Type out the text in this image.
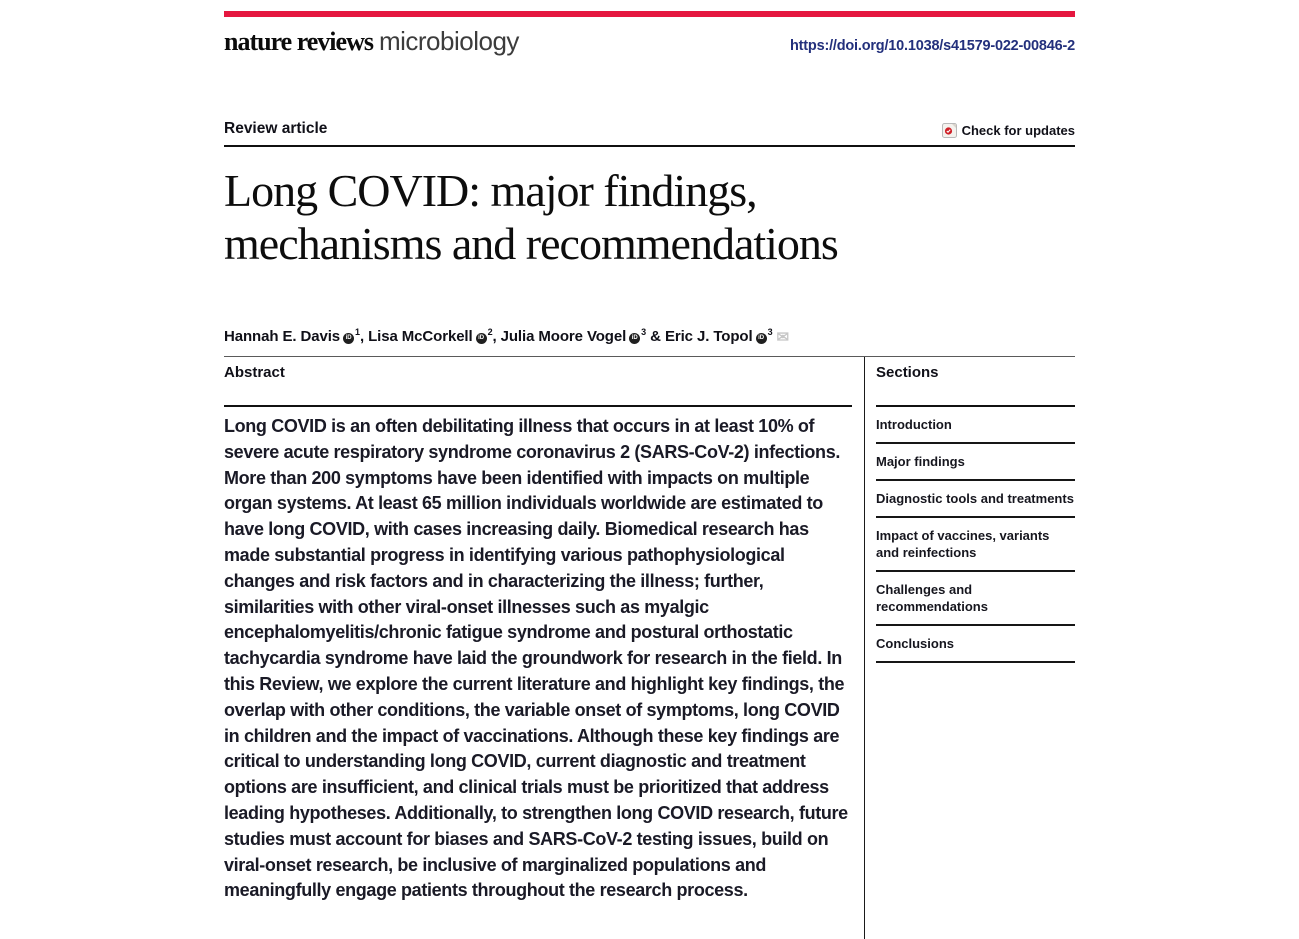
nature reviews microbiology	https://doi.org/10.1038/s41579-022-00846-2
Review article	Check for updates
Long COVID: major findings, mechanisms and recommendations
Hannah E. Davis $iD^1$, Lisa McCorkell $iD^2$, Julia Moore Vogel $iD^3$ & Eric J. Topol $iD^3$ ✉
Abstract

Long COVID is an often debilitating illness that occurs in at least 10% of severe acute respiratory syndrome coronavirus 2 (SARS-CoV-2) infections. More than 200 symptoms have been identified with impacts on multiple organ systems. At least 65 million individuals worldwide are estimated to have long COVID, with cases increasing daily. Biomedical research has made substantial progress in identifying various pathophysiological changes and risk factors and in characterizing the illness; further, similarities with other viral-onset illnesses such as myalgic encephalomyelitis/chronic fatigue syndrome and postural orthostatic tachycardia syndrome have laid the groundwork for research in the field. In this Review, we explore the current literature and highlight key findings, the overlap with other conditions, the variable onset of symptoms, long COVID in children and the impact of vaccinations. Although these key findings are critical to understanding long COVID, current diagnostic and treatment options are insufficient, and clinical trials must be prioritized that address leading hypotheses. Additionally, to strengthen long COVID research, future studies must account for biases and SARS-CoV-2 testing issues, build on viral-onset research, be inclusive of marginalized populations and meaningfully engage patients throughout the research process.

Sections
Introduction
Major findings
Diagnostic tools and treatments
Impact of vaccines, variants and reinfections
Challenges and recommendations
Conclusions
